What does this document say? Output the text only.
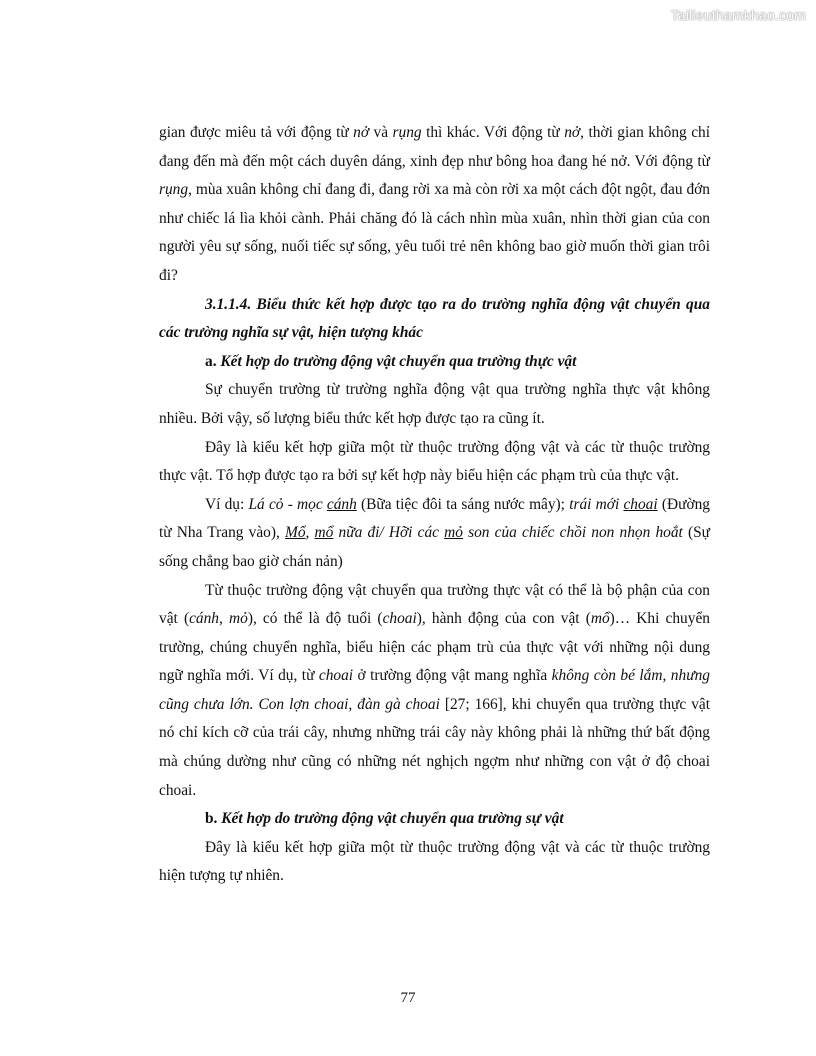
Tailieuthamkhao.com

gian được miêu tả với động từ nở và rụng thì khác. Với động từ nở, thời gian không chỉ đang đến mà đến một cách duyên dáng, xinh đẹp như bông hoa đang hé nở. Với động từ rụng, mùa xuân không chỉ đang đi, đang rời xa mà còn rời xa một cách đột ngột, đau đớn như chiếc lá lìa khỏi cành. Phải chăng đó là cách nhìn mùa xuân, nhìn thời gian của con người yêu sự sống, nuối tiếc sự sống, yêu tuổi trẻ nên không bao giờ muốn thời gian trôi đi?

3.1.1.4. Biểu thức kết hợp được tạo ra do trường nghĩa động vật chuyển qua các trường nghĩa sự vật, hiện tượng khác

a. Kết hợp do trường động vật chuyển qua trường thực vật

Sự chuyển trường từ trường nghĩa động vật qua trường nghĩa thực vật không nhiều. Bởi vậy, số lượng biểu thức kết hợp được tạo ra cũng ít.

Đây là kiểu kết hợp giữa một từ thuộc trường động vật và các từ thuộc trường thực vật. Tổ hợp được tạo ra bởi sự kết hợp này biểu hiện các phạm trù của thực vật.

Ví dụ: Lá cỏ - mọc cánh (Bữa tiệc đôi ta sáng nước mây); trái mới choai (Đường từ Nha Trang vào), Mổ, mổ nữa đi/ Hỡi các mỏ son của chiếc chồi non nhọn hoắt (Sự sống chẳng bao giờ chán nản)

Từ thuộc trường động vật chuyển qua trường thực vật có thể là bộ phận của con vật (cánh, mỏ), có thể là độ tuổi (choai), hành động của con vật (mổ)… Khi chuyển trường, chúng chuyển nghĩa, biểu hiện các phạm trù của thực vật với những nội dung ngữ nghĩa mới. Ví dụ, từ choai ở trường động vật mang nghĩa không còn bé lắm, nhưng cũng chưa lớn. Con lợn choai, đàn gà choai [27; 166], khi chuyển qua trường thực vật nó chỉ kích cỡ của trái cây, nhưng những trái cây này không phải là những thứ bất động mà chúng dường như cũng có những nét nghịch ngợm như những con vật ở độ choai choai.

b. Kết hợp do trường động vật chuyển qua trường sự vật

Đây là kiểu kết hợp giữa một từ thuộc trường động vật và các từ thuộc trường hiện tượng tự nhiên.

77
